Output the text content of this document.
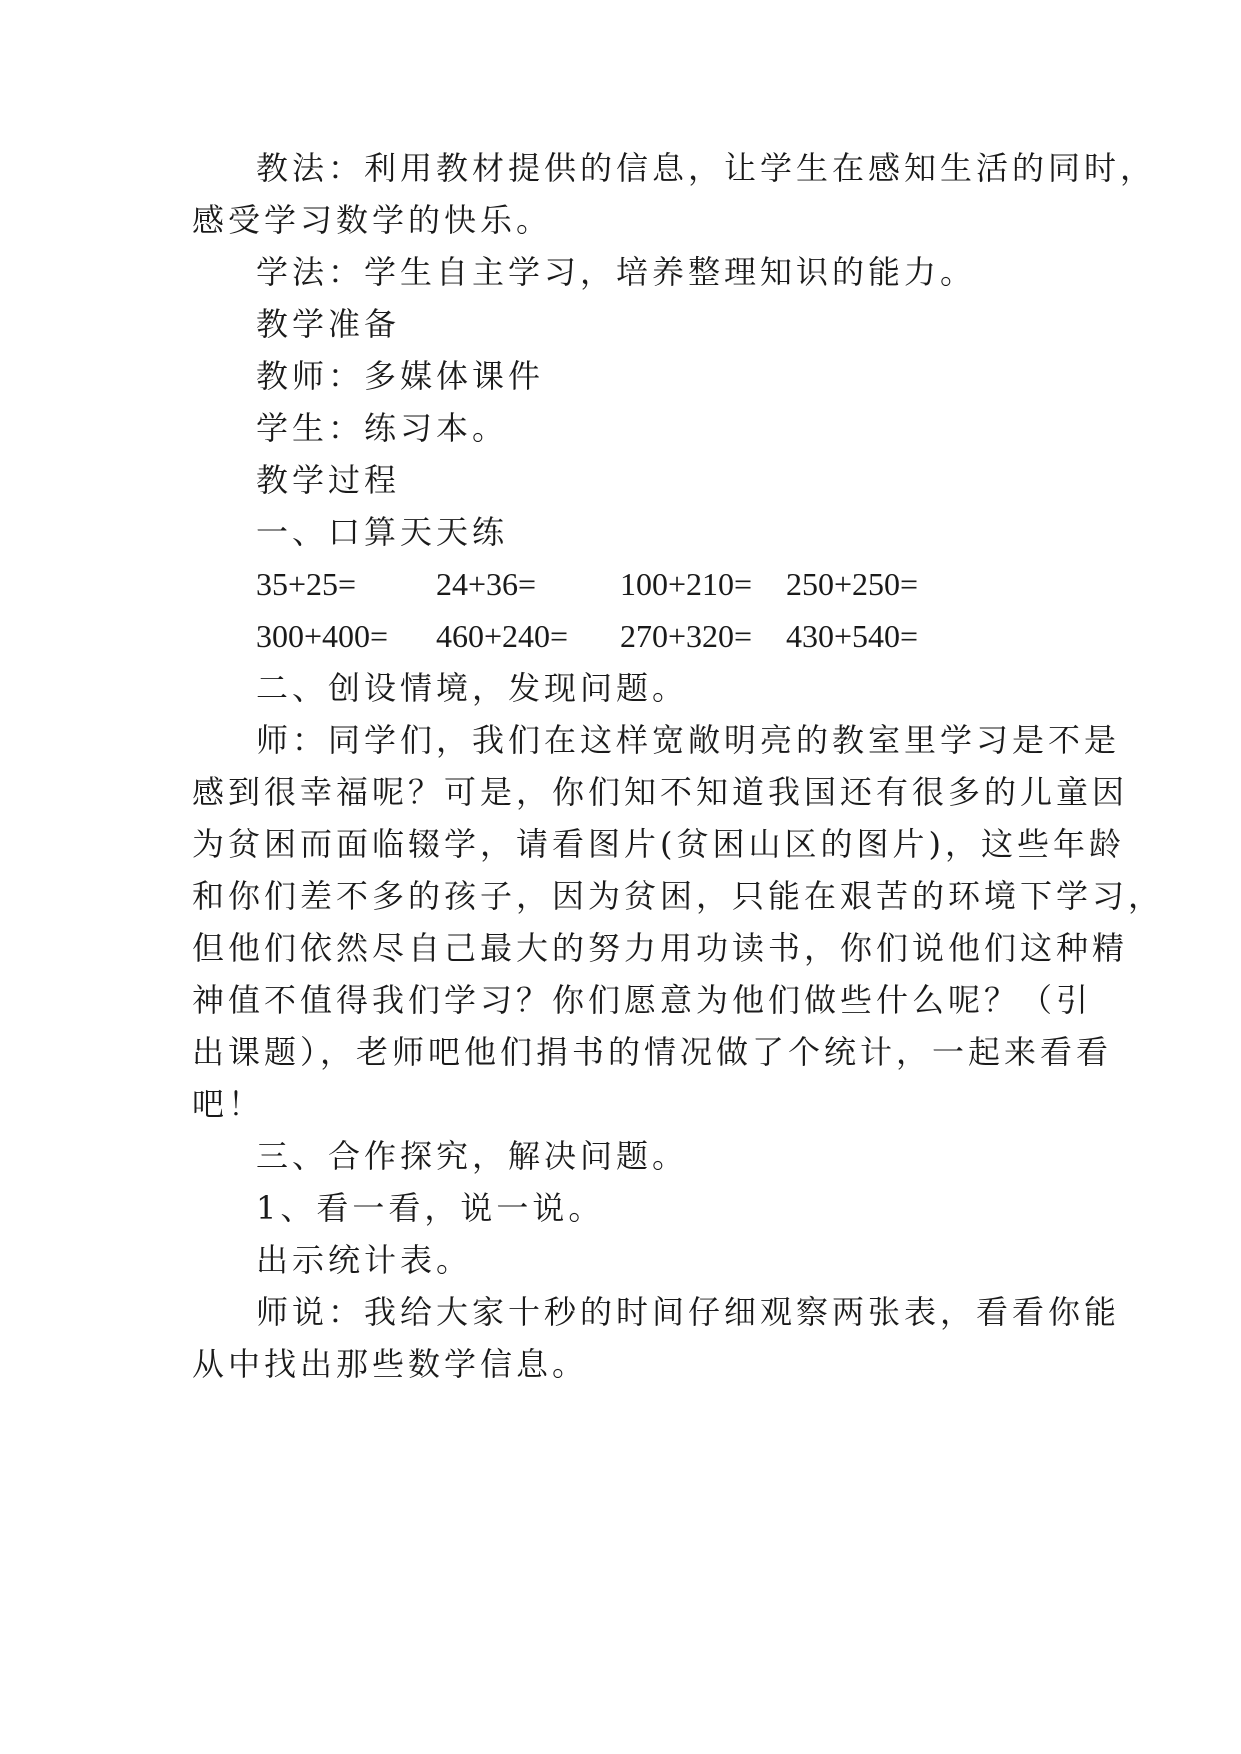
教法：利用教材提供的信息，让学生在感知生活的同时，
感受学习数学的快乐。
学法：学生自主学习，培养整理知识的能力。
教学准备
教师：多媒体课件
学生：练习本。
教学过程
一、口算天天练
35+25= 24+36=	100+210= 250+250=
300+400= 460+240= 270+320= 430+540=
二、创设情境，发现问题。
师：同学们，我们在这样宽敞明亮的教室里学习是不是
感到很幸福呢？可是，你们知不知道我国还有很多的儿童因
为贫困而面临辍学，请看图片(贫困山区的图片)，这些年龄
和你们差不多的孩子，因为贫困，只能在艰苦的环境下学习，
但他们依然尽自己最大的努力用功读书，你们说他们这种精
神值不值得我们学习？你们愿意为他们做些什么呢？（引
出课题），老师吧他们捐书的情况做了个统计，一起来看看
吧！
三、合作探究，解决问题。
1、看一看，说一说。
出示统计表。
师说：我给大家十秒的时间仔细观察两张表，看看你能
从中找出那些数学信息。
